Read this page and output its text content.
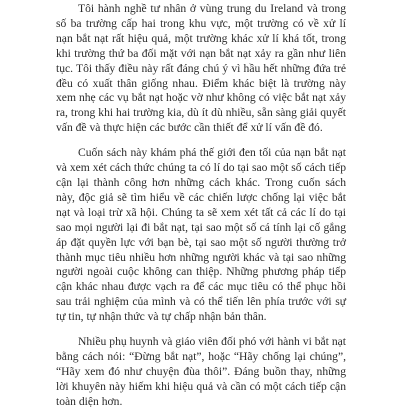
Tôi hành nghề tư nhân ở vùng trung du Ireland và trong số ba trường cấp hai trong khu vực, một trường có về xử lí nạn bắt nạt rất hiệu quả, một trường khác xử lí khá tốt, trong khi trường thứ ba đối mặt với nạn bắt nạt xảy ra gần như liên tục. Tôi thấy điều này rất đáng chú ý vì hầu hết những đứa trẻ đều có xuất thân giống nhau. Điểm khác biệt là trường này xem nhẹ các vụ bắt nạt hoặc vờ như không có việc bắt nạt xảy ra, trong khi hai trường kia, dù ít dù nhiều, sẵn sàng giải quyết vấn đề và thực hiện các bước cần thiết để xử lí vấn đề đó.

Cuốn sách này khám phá thế giới đen tối của nạn bắt nạt và xem xét cách thức chúng ta có lí do tại sao một số cách tiếp cận lại thành công hơn những cách khác. Trong cuốn sách này, độc giả sẽ tìm hiểu về các chiến lược chống lại việc bắt nạt và loại trừ xã hội. Chúng ta sẽ xem xét tất cả các lí do tại sao mọi người lại đi bắt nạt, tại sao một số cá tính lại cố gắng áp đặt quyền lực với bạn bè, tại sao một số người thường trở thành mục tiêu nhiều hơn những người khác và tại sao những người ngoài cuộc không can thiệp. Những phương pháp tiếp cận khác nhau được vạch ra để các mục tiêu có thể phục hồi sau trải nghiệm của mình và có thể tiến lên phía trước với sự tự tin, tự nhận thức và tự chấp nhận bản thân.

Nhiều phụ huynh và giáo viên đối phó với hành vi bắt nạt bằng cách nói: “Đừng bắt nạt”, hoặc “Hãy chống lại chúng”, “Hãy xem đó như chuyện đùa thôi”. Đáng buồn thay, những lời khuyên này hiếm khi hiệu quả và cần có một cách tiếp cận toàn diện hơn.
